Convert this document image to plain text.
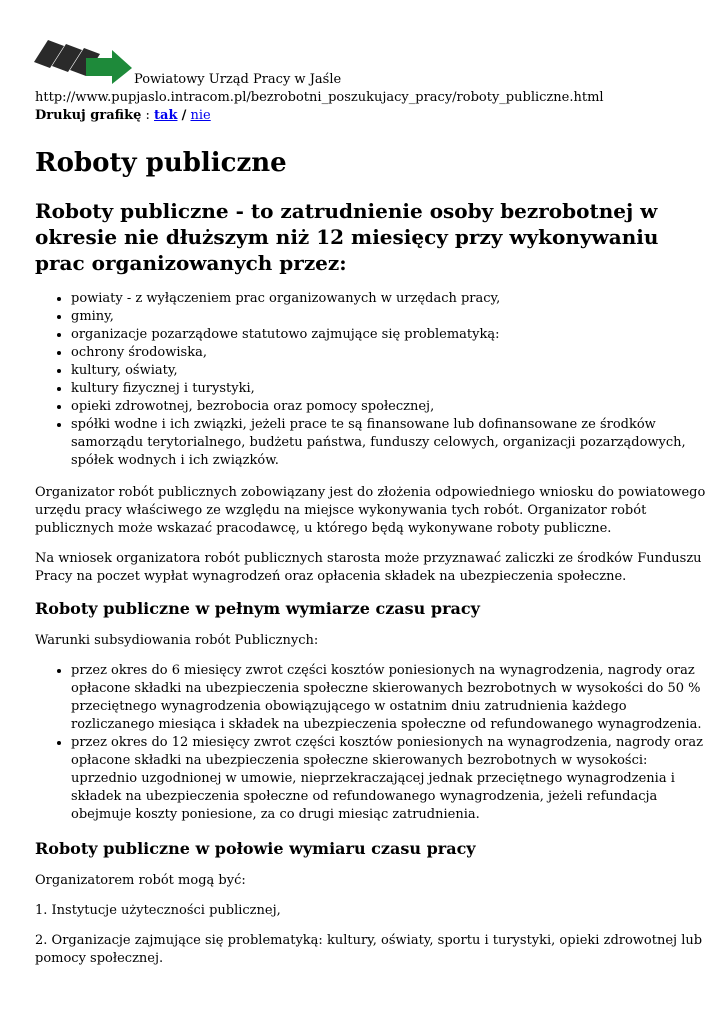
Powiatowy Urząd Pracy w Jaśle
http://www.pupjaslo.intracom.pl/bezrobotni_poszukujacy_pracy/roboty_publiczne.html
Drukuj grafikę : tak / nie
Roboty publiczne
Roboty publiczne - to zatrudnienie osoby bezrobotnej w okresie nie dłuższym niż 12 miesięcy przy wykonywaniu prac organizowanych przez:
• powiaty - z wyłączeniem prac organizowanych w urzędach pracy,
• gminy,
• organizacje pozarządowe statutowo zajmujące się problematyką:
• ochrony środowiska,
• kultury, oświaty,
• kultury fizycznej i turystyki,
• opieki zdrowotnej, bezrobocia oraz pomocy społecznej,
• spółki wodne i ich związki, jeżeli prace te są finansowane lub dofinansowane ze środków samorządu terytorialnego, budżetu państwa, funduszy celowych, organizacji pozarządowych, spółek wodnych i ich związków.

Organizator robót publicznych zobowiązany jest do złożenia odpowiedniego wniosku do powiatowego urzędu pracy właściwego ze względu na miejsce wykonywania tych robót. Organizator robót publicznych może wskazać pracodawcę, u którego będą wykonywane roboty publiczne.

Na wniosek organizatora robót publicznych starosta może przyznawać zaliczki ze środków Funduszu Pracy na poczet wypłat wynagrodzeń oraz opłacenia składek na ubezpieczenia społeczne.

Roboty publiczne w pełnym wymiarze czasu pracy

Warunki subsydiowania robót Publicznych:

• przez okres do 6 miesięcy zwrot części kosztów poniesionych na wynagrodzenia, nagrody oraz opłacone składki na ubezpieczenia społeczne skierowanych bezrobotnych w wysokości do 50 % przeciętnego wynagrodzenia obowiązującego w ostatnim dniu zatrudnienia każdego rozliczanego miesiąca i składek na ubezpieczenia społeczne od refundowanego wynagrodzenia.
• przez okres do 12 miesięcy zwrot części kosztów poniesionych na wynagrodzenia, nagrody oraz opłacone składki na ubezpieczenia społeczne skierowanych bezrobotnych w wysokości: uprzednio uzgodnionej w umowie, nieprzekraczającej jednak przeciętnego wynagrodzenia i składek na ubezpieczenia społeczne od refundowanego wynagrodzenia, jeżeli refundacja obejmuje koszty poniesione, za co drugi miesiąc zatrudnienia.
Roboty publiczne w połowie wymiaru czasu pracy

Organizatorem robót mogą być:

1. Instytucje użyteczności publicznej,

2. Organizacje zajmujące się problematyką: kultury, oświaty, sportu i turystyki, opieki zdrowotnej lub pomocy społecznej.
